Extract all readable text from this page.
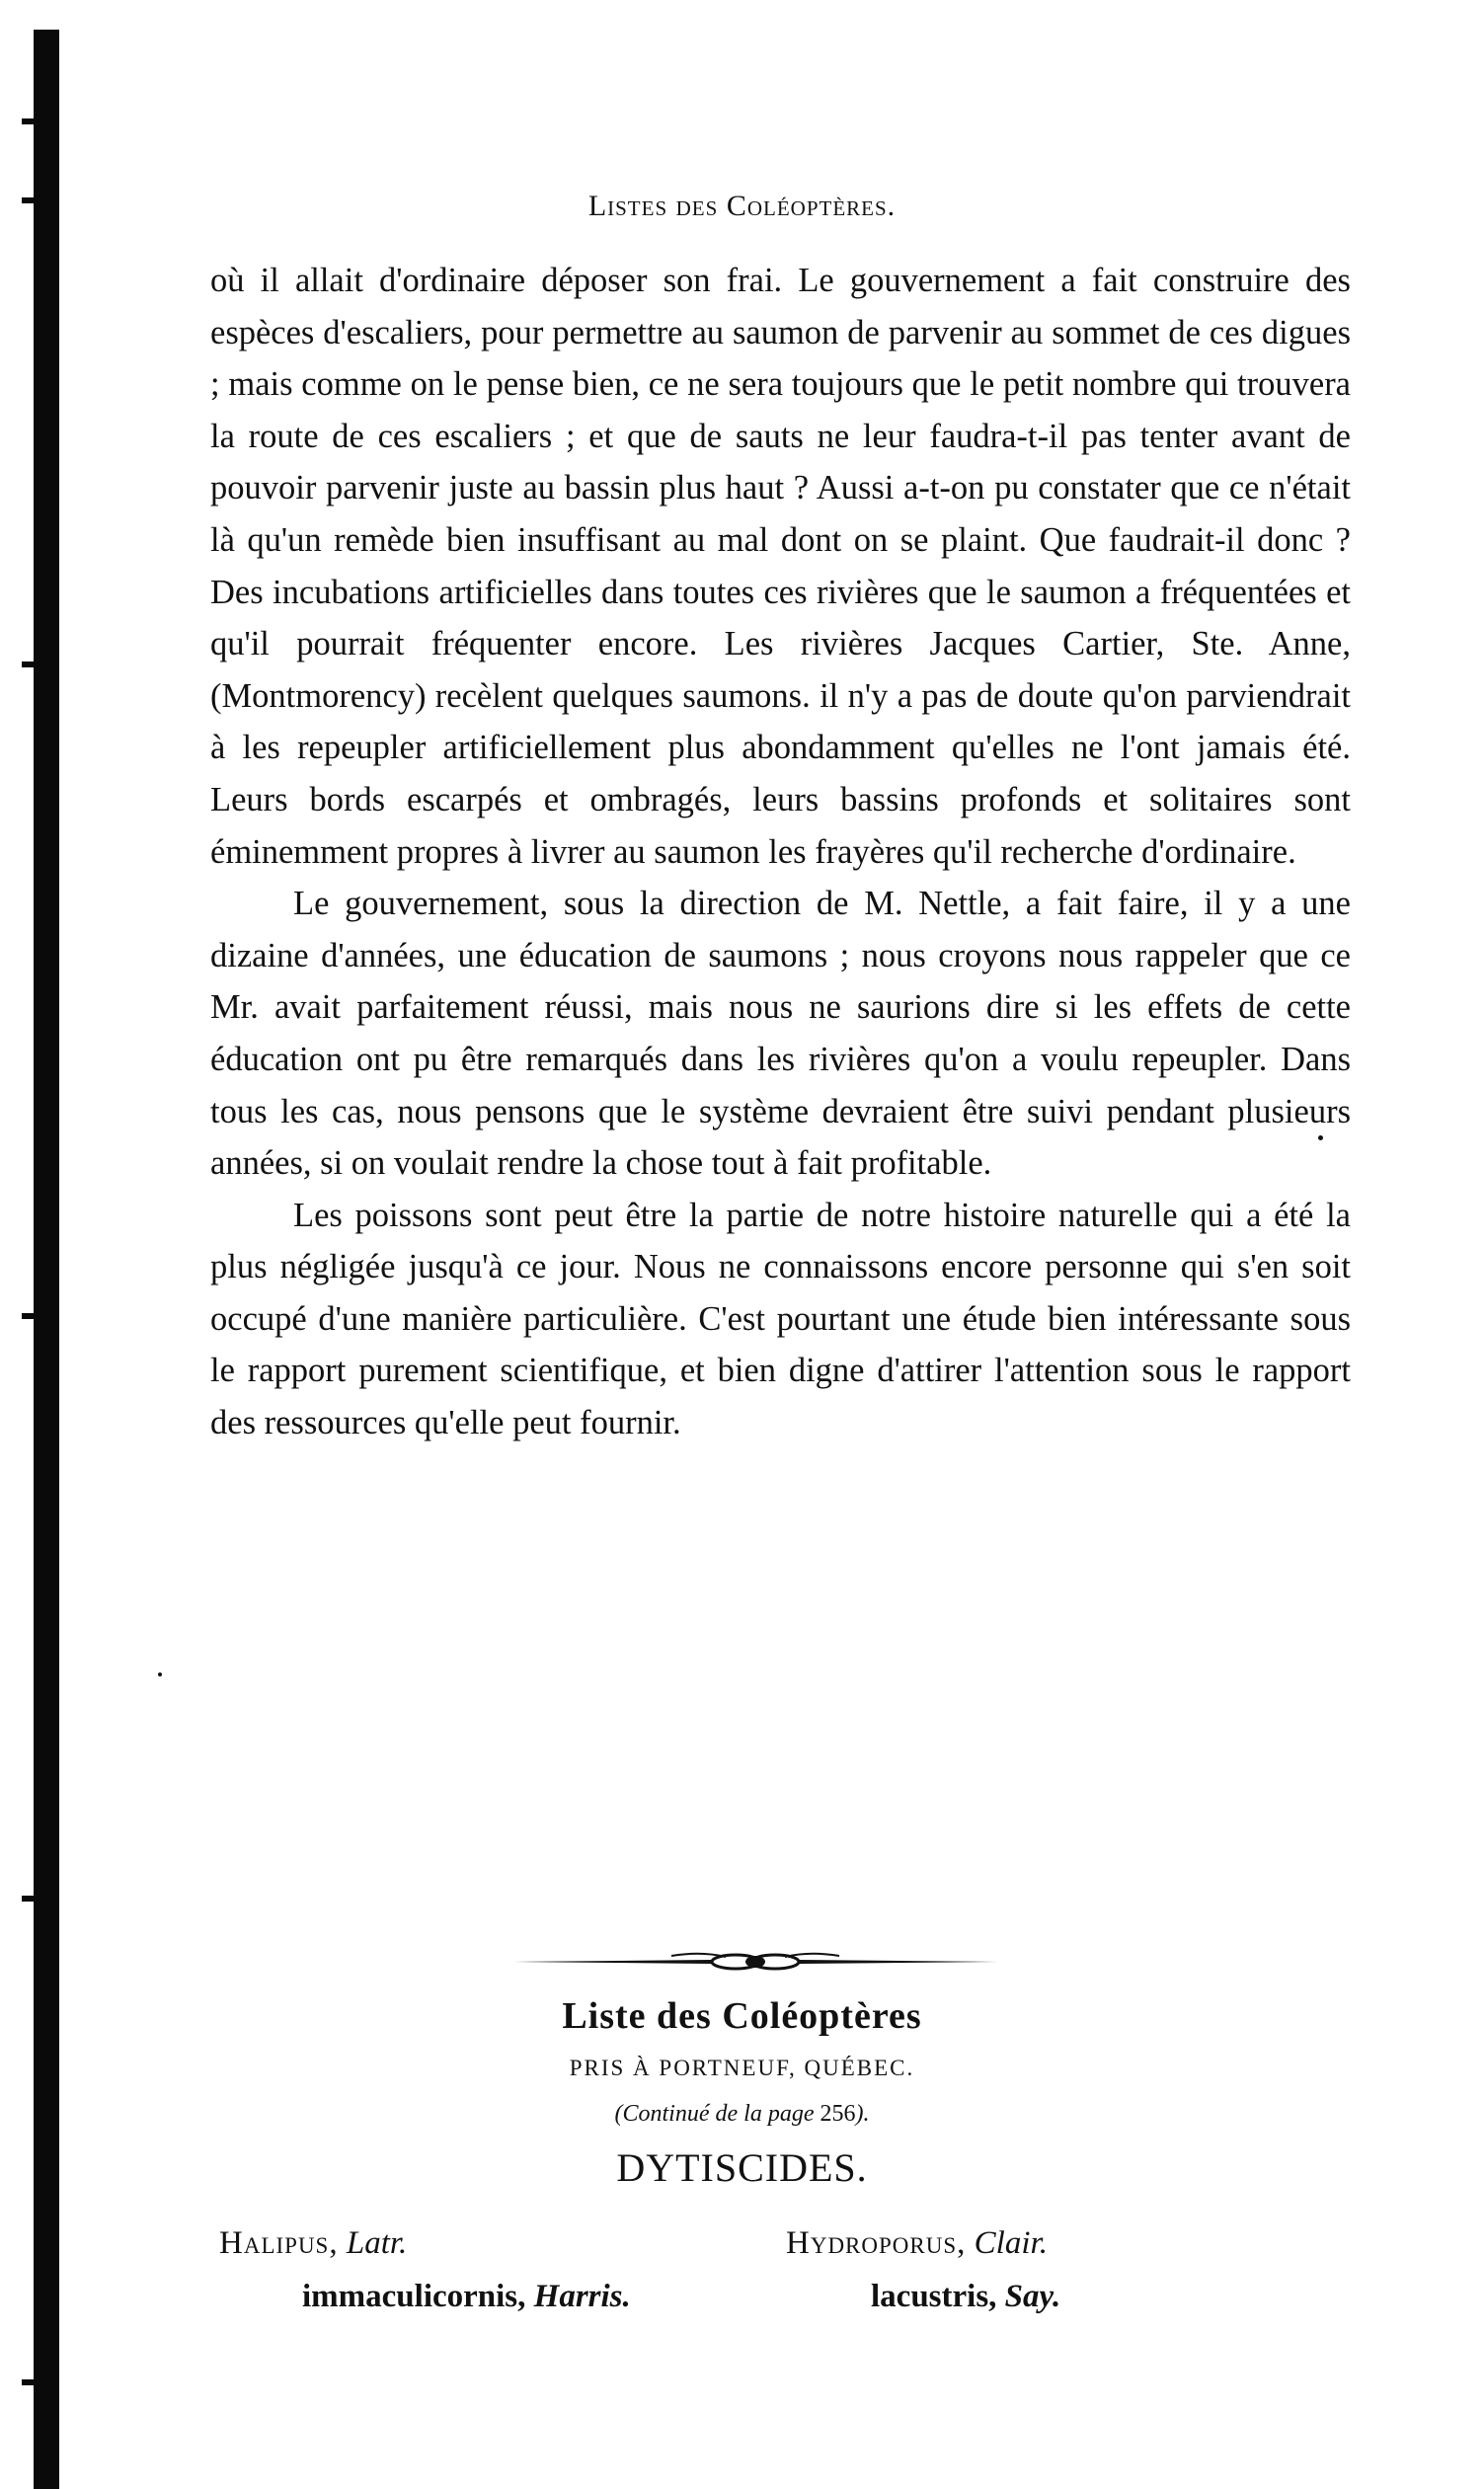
Listes des Coléoptères.

où il allait d'ordinaire déposer son frai. Le gouvernement a fait construire des espèces d'escaliers, pour permettre au saumon de parvenir au sommet de ces digues ; mais comme on le pense bien, ce ne sera toujours que le petit nombre qui trouvera la route de ces escaliers ; et que de sauts ne leur faudra-t-il pas tenter avant de pouvoir parvenir juste au bassin plus haut ? Aussi a-t-on pu constater que ce n'était là qu'un remède bien insuffisant au mal dont on se plaint. Que faudrait-il donc ? Des incubations artificielles dans toutes ces rivières que le saumon a fréquentées et qu'il pourrait fréquenter encore. Les rivières Jacques Cartier, Ste. Anne, (Montmorency) recèlent quelques saumons. il n'y a pas de doute qu'on parviendrait à les repeupler artificiellement plus abondamment qu'elles ne l'ont jamais été. Leurs bords escarpés et ombragés, leurs bassins profonds et solitaires sont éminemment propres à livrer au saumon les frayères qu'il recherche d'ordinaire.

Le gouvernement, sous la direction de M. Nettle, a fait faire, il y a une dizaine d'années, une éducation de saumons ; nous croyons nous rappeler que ce Mr. avait parfaitement réussi, mais nous ne saurions dire si les effets de cette éducation ont pu être remarqués dans les rivières qu'on a voulu repeupler. Dans tous les cas, nous pensons que le système devraient être suivi pendant plusieurs années, si on voulait rendre la chose tout à fait profitable.

Les poissons sont peut être la partie de notre histoire naturelle qui a été la plus négligée jusqu'à ce jour. Nous ne connaissons encore personne qui s'en soit occupé d'une manière particulière. C'est pourtant une étude bien intéressante sous le rapport purement scientifique, et bien digne d'attirer l'attention sous le rapport des ressources qu'elle peut fournir.

Liste des Coléoptères
PRIS À PORTNEUF, QUÉBEC.
(Continué de la page 256).
DYTISCIDES.
Halipus, Latr.
immaculicornis, Harris.
Hydroporus, Clair.
lacustris, Say.
